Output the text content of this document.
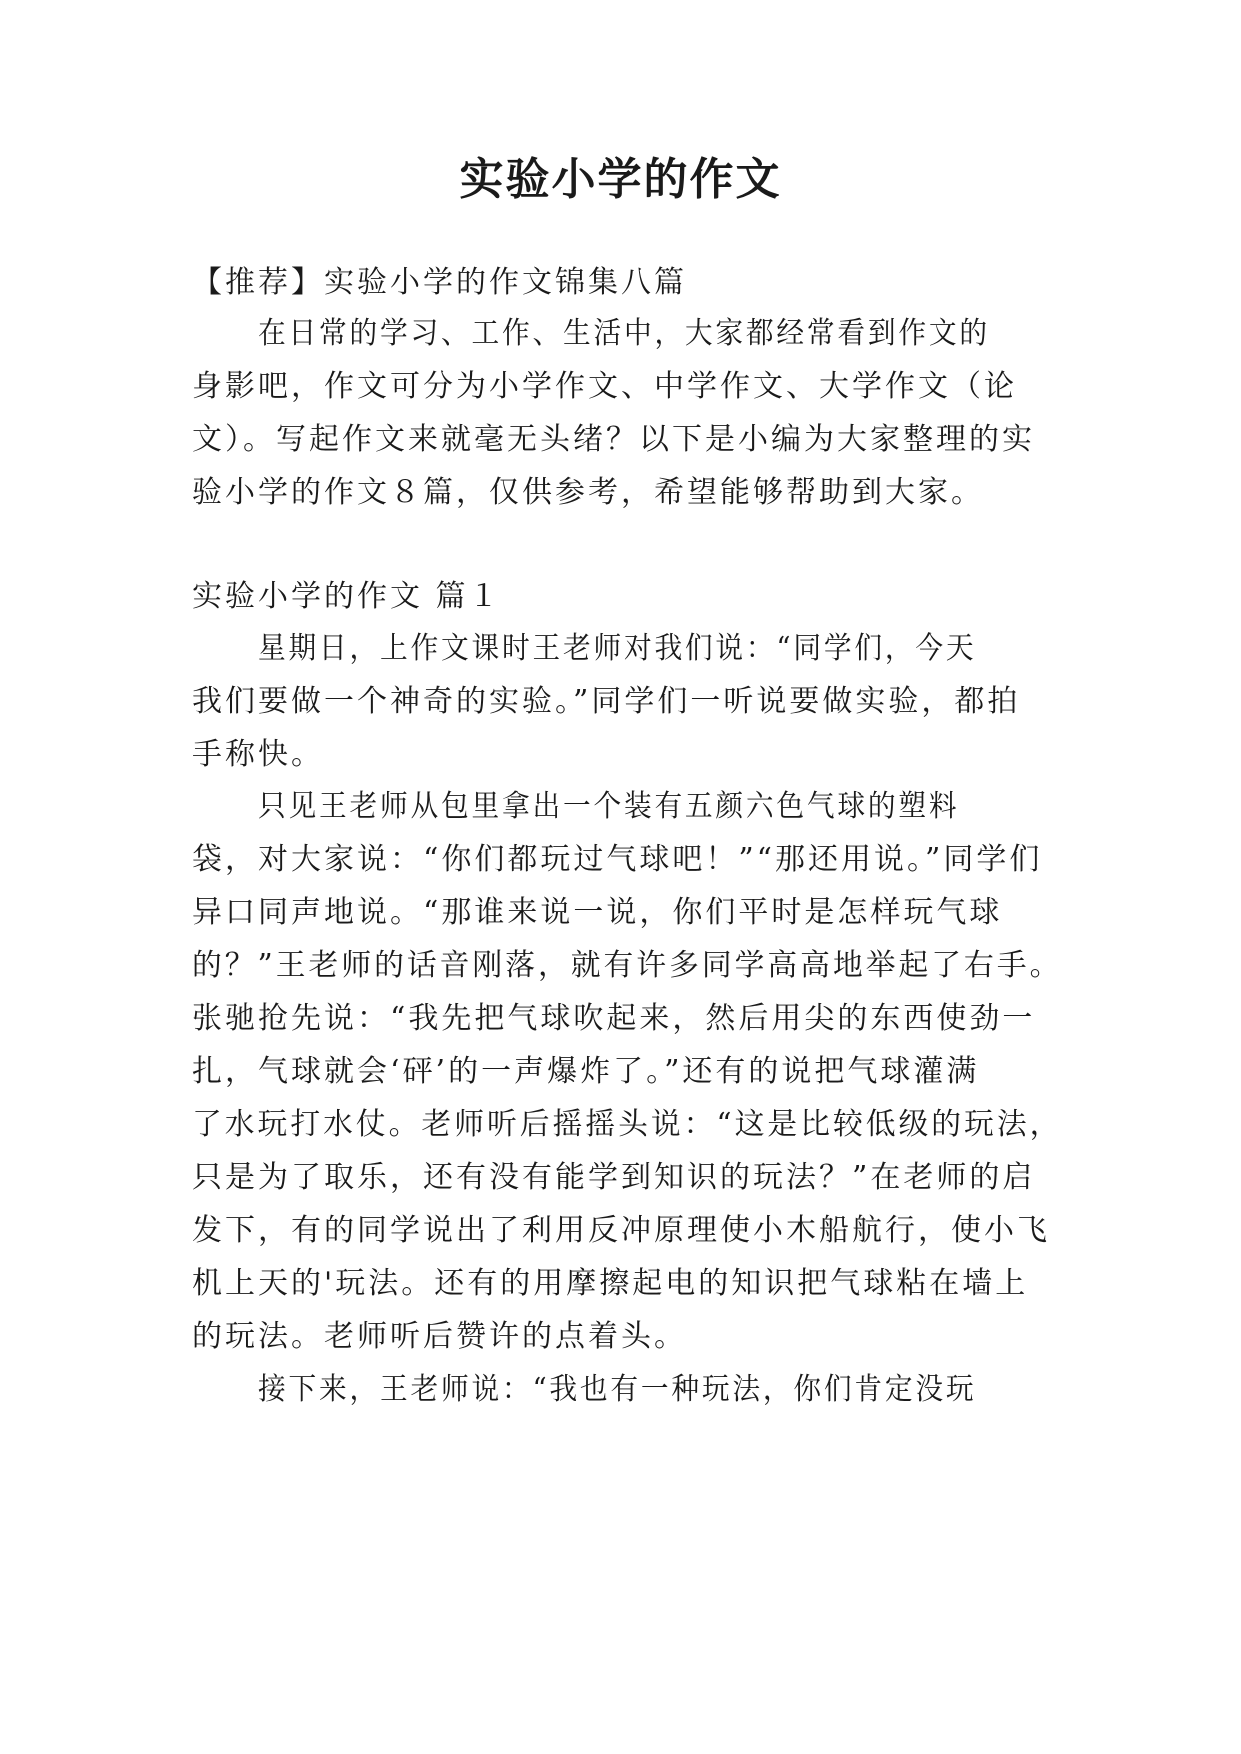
实验小学的作文

【推荐】实验小学的作文锦集八篇

在日常的学习、工作、生活中，大家都经常看到作文的

身影吧，作文可分为小学作文、中学作文、大学作文（论

文）。写起作文来就毫无头绪？以下是小编为大家整理的实

验小学的作文８篇，仅供参考，希望能够帮助到大家。

实验小学的作文 篇１

星期日，上作文课时王老师对我们说：“同学们，今天

我们要做一个神奇的实验。”同学们一听说要做实验，都拍

手称快。

只见王老师从包里拿出一个装有五颜六色气球的塑料

袋，对大家说：“你们都玩过气球吧！”“那还用说。”同学们

异口同声地说。“那谁来说一说，你们平时是怎样玩气球

的？”王老师的话音刚落，就有许多同学高高地举起了右手。

张驰抢先说：“我先把气球吹起来，然后用尖的东西使劲一

扎，气球就会‘砰’的一声爆炸了。”还有的说把气球灌满

了水玩打水仗。老师听后摇摇头说：“这是比较低级的玩法，

只是为了取乐，还有没有能学到知识的玩法？”在老师的启

发下，有的同学说出了利用反冲原理使小木船航行，使小飞

机上天的'玩法。还有的用摩擦起电的知识把气球粘在墙上

的玩法。老师听后赞许的点着头。

接下来，王老师说：“我也有一种玩法，你们肯定没玩
